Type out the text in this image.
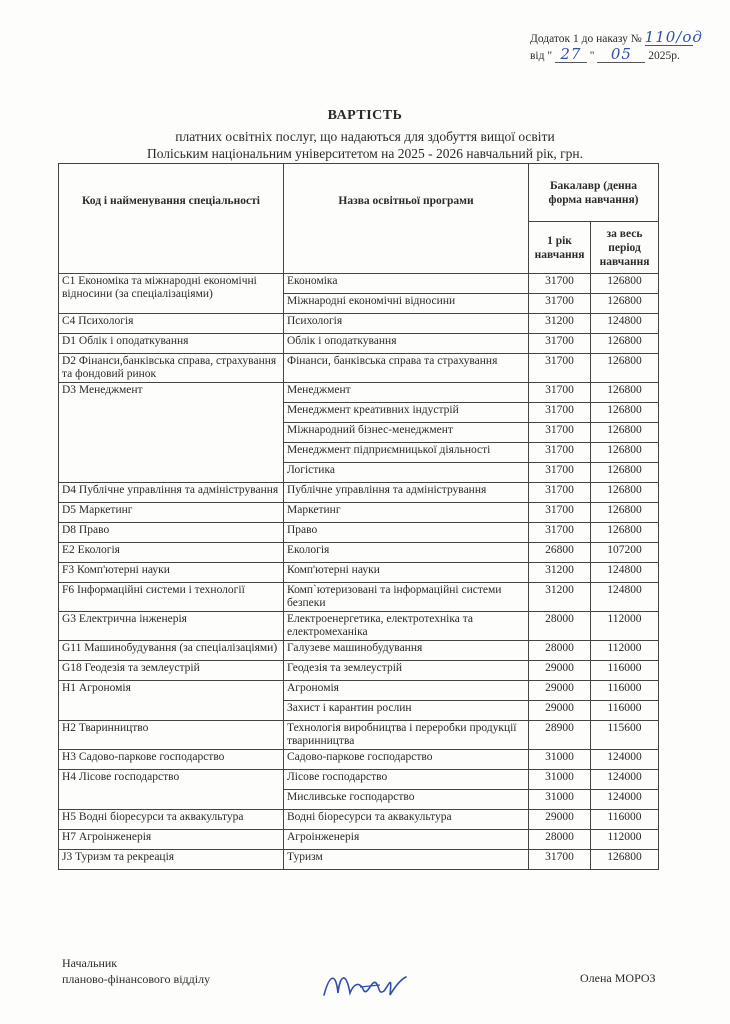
Додаток 1 до наказу № 110/од
від " 27 " 05 2025р.
ВАРТІСТЬ
платних освітніх послуг, що надаються для здобуття вищої освіти
Поліським національним університетом на 2025 - 2026 навчальний рік, грн.
Код і найменування спеціальності	Назва освітньої програми	Бакалавр (денна форма навчання)	
		1 рік навчання	за весь період навчання
С1 Економіка та міжнародні економічні відносини (за спеціалізаціями)	Економіка	31700	126800
	Міжнародні економічні відносини	31700	126800
С4 Психологія	Психологія	31200	124800
D1 Облік і оподаткування	Облік і оподаткування	31700	126800
D2 Фінанси,банківська справа, страхування та фондовий ринок	Фінанси, банківська справа та страхування	31700	126800
D3 Менеджмент	Менеджмент	31700	126800
	Менеджмент креативних індустрій	31700	126800
	Міжнародний бізнес-менеджмент	31700	126800
	Менеджмент підприємницької діяльності	31700	126800
	Логістика	31700	126800
D4 Публічне управління та адміністрування	Публічне управління та адміністрування	31700	126800
D5 Маркетинг	Маркетинг	31700	126800
D8 Право	Право	31700	126800
E2 Екологія	Екологія	26800	107200
F3 Комп'ютерні науки	Комп'ютерні науки	31200	124800
F6 Інформаційні системи і технології	Комп`ютеризовані та інформаційні системи безпеки	31200	124800
G3 Електрична інженерія	Електроенергетика, електротехніка та електромеханіка	28000	112000
G11 Машинобудування (за спеціалізаціями)	Галузеве машинобудування	28000	112000
G18 Геодезія та землеустрій	Геодезія та землеустрій	29000	116000
H1 Агрономія	Агрономія	29000	116000
	Захист і карантин рослин	29000	116000
H2 Тваринництво	Технологія виробництва і переробки продукції тваринництва	28900	115600
H3 Садово-паркове господарство	Садово-паркове господарство	31000	124000
H4 Лісове господарство	Лісове господарство	31000	124000
	Мисливське господарство	31000	124000
H5 Водні біоресурси та аквакультура	Водні біоресурси та аквакультура	29000	116000
H7 Агроінженерія	Агроінженерія	28000	112000
J3 Туризм та рекреація	Туризм	31700	126800
Начальник
планово-фінансового відділу	Олена МОРОЗ
